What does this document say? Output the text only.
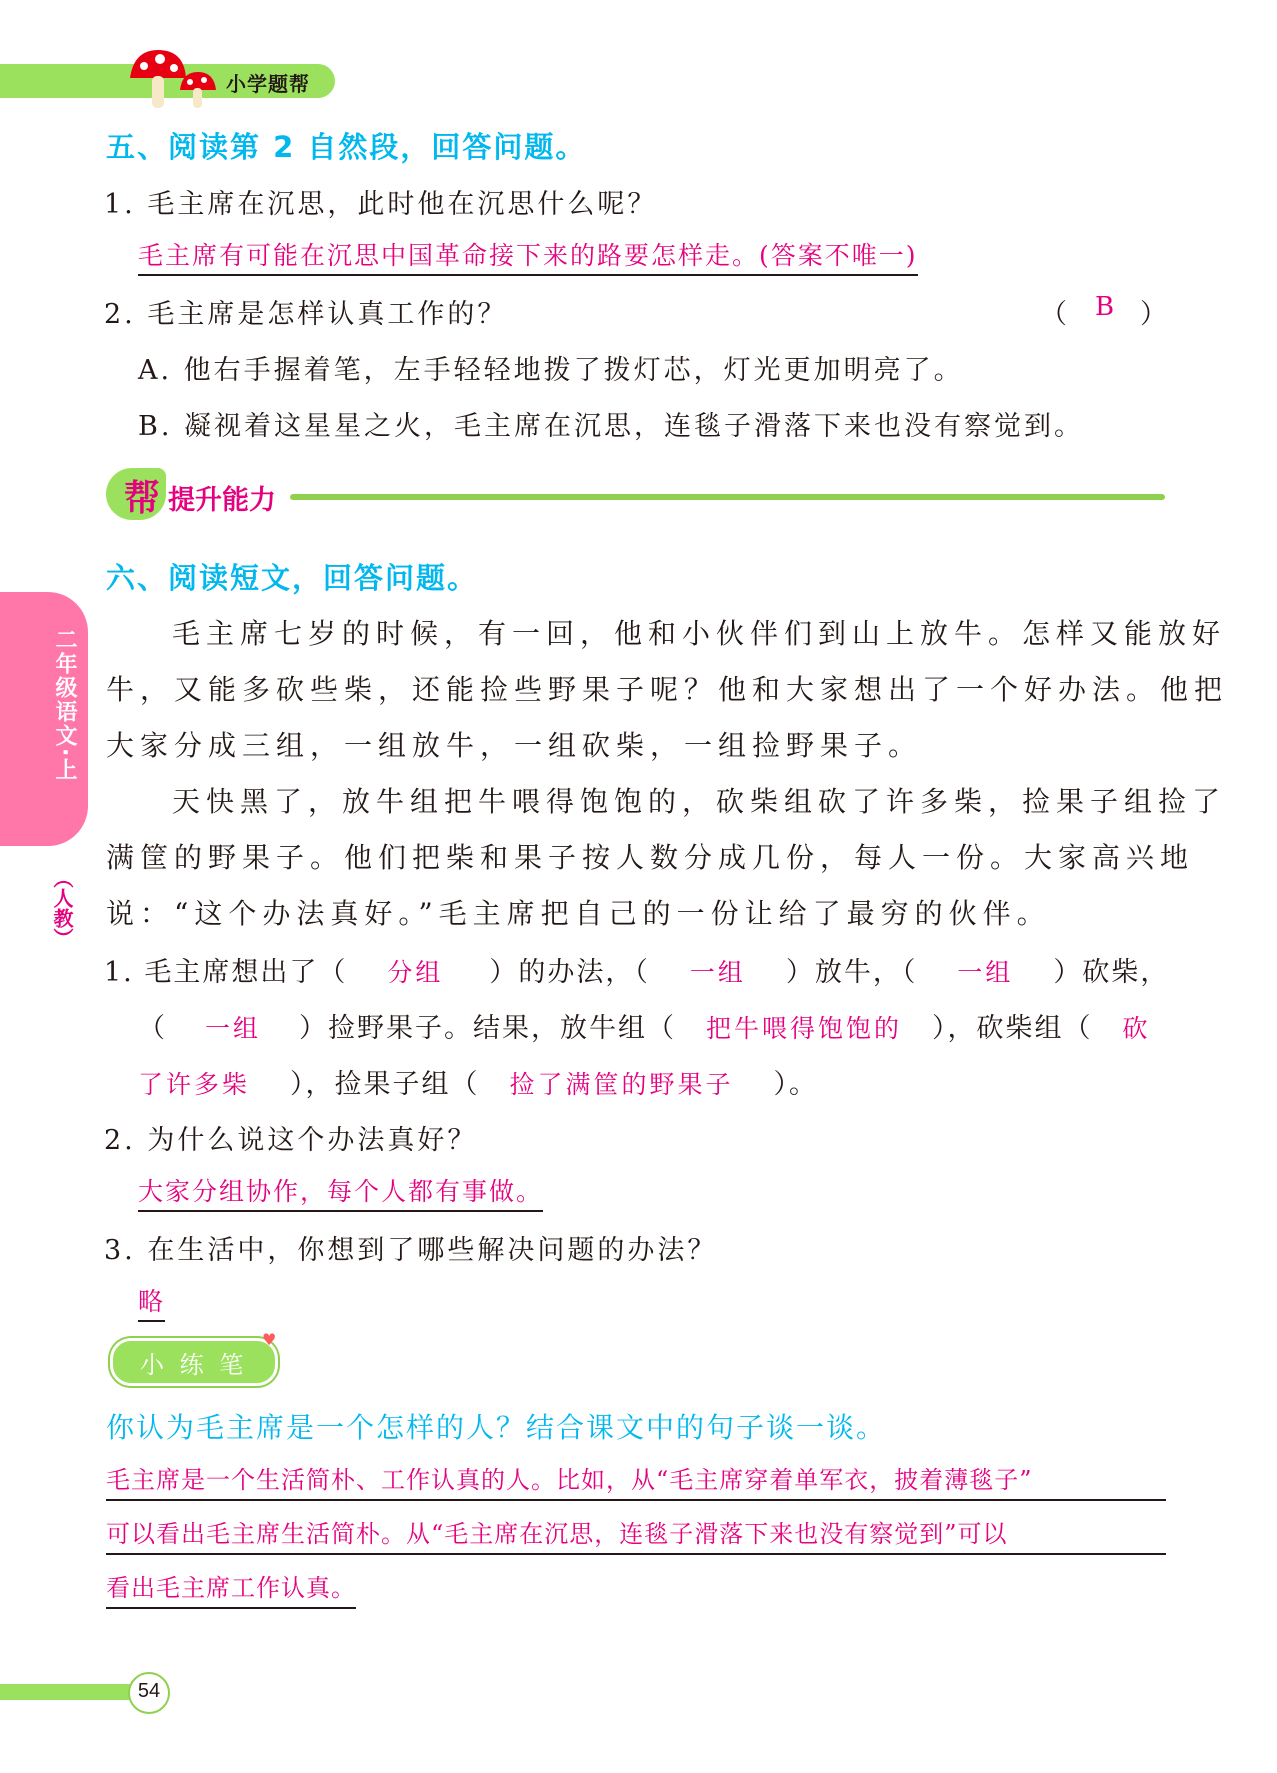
小学题帮
二年级语文·上
（人教）
五、阅读第 2 自然段，回答问题。
1. 毛主席在沉思，此时他在沉思什么呢？
毛主席有可能在沉思中国革命接下来的路要怎样走。(答案不唯一)
2. 毛主席是怎样认真工作的？	（ B ）
A. 他右手握着笔，左手轻轻地拨了拨灯芯，灯光更加明亮了。
B. 凝视着这星星之火，毛主席在沉思，连毯子滑落下来也没有察觉到。
帮 提升能力
六、阅读短文，回答问题。
毛主席七岁的时候，有一回，他和小伙伴们到山上放牛。怎样又能放好
牛，又能多砍些柴，还能捡些野果子呢？他和大家想出了一个好办法。他把
大家分成三组，一组放牛，一组砍柴，一组捡野果子。
天快黑了，放牛组把牛喂得饱饱的，砍柴组砍了许多柴，捡果子组捡了
满筐的野果子。他们把柴和果子按人数分成几份，每人一份。大家高兴地
说：“这个办法真好。”毛主席把自己的一份让给了最穷的伙伴。
1. 毛主席想出了（ 分组 ）的办法，（ 一组 ）放牛，（ 一组 ）砍柴，
（ 一组 ）捡野果子。结果，放牛组（ 把牛喂得饱饱的 ），砍柴组（ 砍
了许多柴 ），捡果子组（ 捡了满筐的野果子 ）。
2. 为什么说这个办法真好？
大家分组协作，每个人都有事做。
3. 在生活中，你想到了哪些解决问题的办法？
略
小 练 笔
♥
你认为毛主席是一个怎样的人？结合课文中的句子谈一谈。
毛主席是一个生活简朴、工作认真的人。比如，从“毛主席穿着单军衣，披着薄毯子”
可以看出毛主席生活简朴。从“毛主席在沉思，连毯子滑落下来也没有察觉到”可以
看出毛主席工作认真。
54
